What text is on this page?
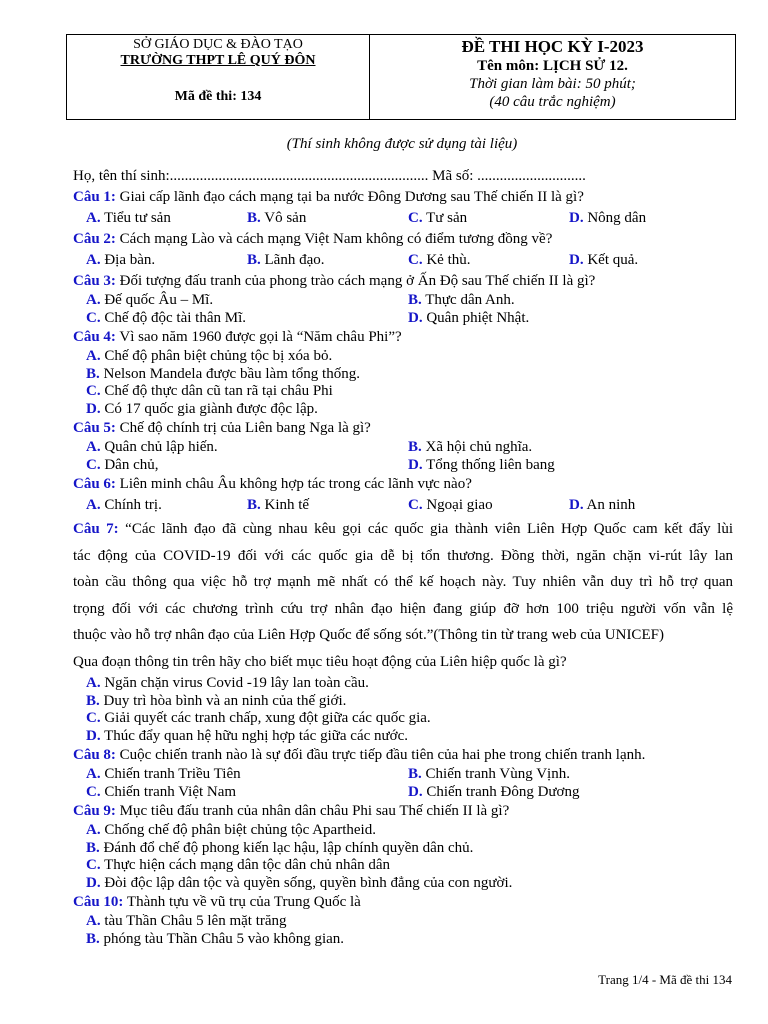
SỞ GIÁO DỤC & ĐÀO TẠO
TRƯỜNG THPT LÊ QUÝ ĐÔN
Mã đề thi: 134
ĐỀ THI HỌC KỲ I-2023
Tên môn: LỊCH SỬ 12.
Thời gian làm bài: 50 phút;
(40 câu trắc nghiệm)
(Thí sinh không được sử dụng tài liệu)
Họ, tên thí sinh:..................................................................... Mã số: .............................
Câu 1: Giai cấp lãnh đạo cách mạng tại ba nước Đông Dương sau Thế chiến II là gì?
A. Tiểu tư sản	B. Vô sản	C. Tư sản	D. Nông dân
Câu 2: Cách mạng Lào và cách mạng Việt Nam không có điểm tương đồng về?
A. Địa bàn.	B. Lãnh đạo.	C. Kẻ thù.	D. Kết quả.
Câu 3: Đối tượng đấu tranh của phong trào cách mạng ở Ấn Độ sau Thế chiến II là gì?
A. Đế quốc Âu – Mĩ.	B. Thực dân Anh.
C. Chế độ độc tài thân Mĩ.	D. Quân phiệt Nhật.
Câu 4: Vì sao năm 1960 được gọi là “Năm châu Phi”?
A. Chế độ phân biệt chủng tộc bị xóa bỏ.
B. Nelson Mandela được bầu làm tổng thống.
C. Chế độ thực dân cũ tan rã tại châu Phi
D. Có 17 quốc gia giành được độc lập.
Câu 5: Chế độ chính trị của Liên bang Nga là gì?
A. Quân chủ lập hiến.	B. Xã hội chủ nghĩa.
C. Dân chủ,	D. Tổng thống liên bang
Câu 6: Liên minh châu Âu không hợp tác trong các lãnh vực nào?
A. Chính trị.	B. Kinh tế	C. Ngoại giao	D. An ninh
Câu 7: “Các lãnh đạo đã cùng nhau kêu gọi các quốc gia thành viên Liên Hợp Quốc cam kết đẩy lùi
tác động của COVID-19 đối với các quốc gia dễ bị tổn thương. Đồng thời, ngăn chặn vi-rút lây lan
toàn cầu thông qua việc hỗ trợ mạnh mẽ nhất có thể kế hoạch này. Tuy nhiên vẫn duy trì hỗ trợ quan
trọng đối với các chương trình cứu trợ nhân đạo hiện đang giúp đỡ hơn 100 triệu người vốn vẫn lệ
thuộc vào hỗ trợ nhân đạo của Liên Hợp Quốc để sống sót.”(Thông tin từ trang web của UNICEF)
Qua đoạn thông tin trên hãy cho biết mục tiêu hoạt động của Liên hiệp quốc là gì?
A. Ngăn chặn virus Covid -19 lây lan toàn cầu.
B. Duy trì hòa bình và an ninh của thế giới.
C. Giải quyết các tranh chấp, xung đột giữa các quốc gia.
D. Thúc đẩy quan hệ hữu nghị hợp tác giữa các nước.
Câu 8: Cuộc chiến tranh nào là sự đối đầu trực tiếp đầu tiên của hai phe trong chiến tranh lạnh.
A. Chiến tranh Triều Tiên	B. Chiến tranh Vùng Vịnh.
C. Chiến tranh Việt Nam	D. Chiến tranh Đông Dương
Câu 9: Mục tiêu đấu tranh của nhân dân châu Phi sau Thế chiến II là gì?
A. Chống chế độ phân biệt chủng tộc Apartheid.
B. Đánh đổ chế độ phong kiến lạc hậu, lập chính quyền dân chủ.
C. Thực hiện cách mạng dân tộc dân chủ nhân dân
D. Đòi độc lập dân tộc và quyền sống, quyền bình đẳng của con người.
Câu 10: Thành tựu về vũ trụ của Trung Quốc là
A. tàu Thần Châu 5 lên mặt trăng
B. phóng tàu Thần Châu 5 vào không gian.
Trang 1/4 - Mã đề thi 134
